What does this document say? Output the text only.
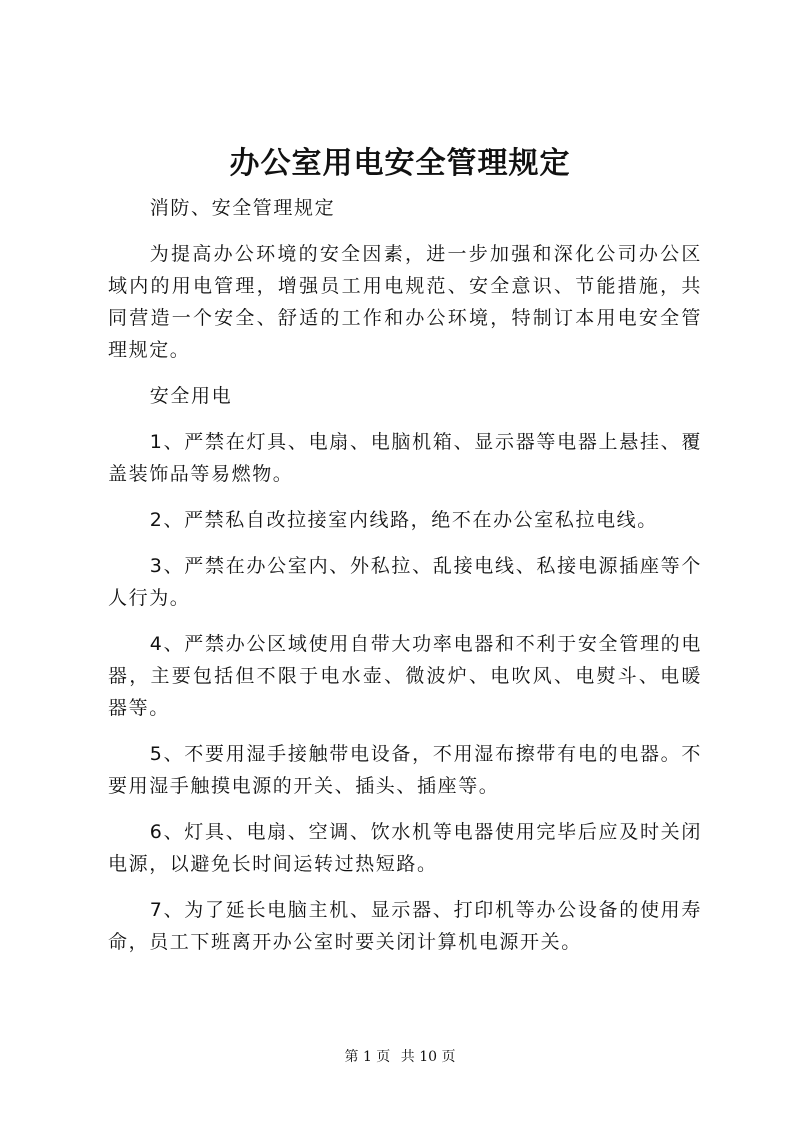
办公室用电安全管理规定

消防、安全管理规定

为提高办公环境的安全因素，进一步加强和深化公司办公区域内的用电管理，增强员工用电规范、安全意识、节能措施，共同营造一个安全、舒适的工作和办公环境，特制订本用电安全管理规定。

安全用电

1、严禁在灯具、电扇、电脑机箱、显示器等电器上悬挂、覆盖装饰品等易燃物。

2、严禁私自改拉接室内线路，绝不在办公室私拉电线。

3、严禁在办公室内、外私拉、乱接电线、私接电源插座等个人行为。

4、严禁办公区域使用自带大功率电器和不利于安全管理的电器，主要包括但不限于电水壶、微波炉、电吹风、电熨斗、电暖器等。

5、不要用湿手接触带电设备，不用湿布擦带有电的电器。不要用湿手触摸电源的开关、插头、插座等。

6、灯具、电扇、空调、饮水机等电器使用完毕后应及时关闭电源，以避免长时间运转过热短路。

7、为了延长电脑主机、显示器、打印机等办公设备的使用寿命，员工下班离开办公室时要关闭计算机电源开关。

第 1 页 共 10 页
